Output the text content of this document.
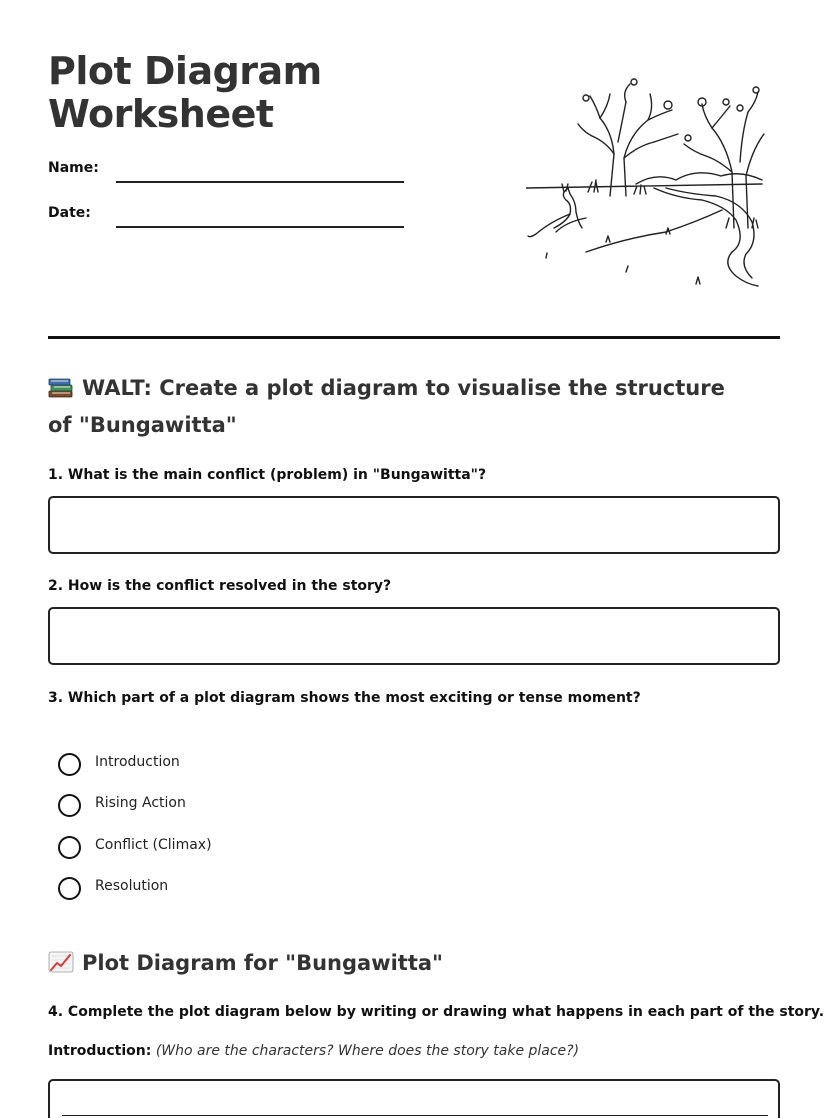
Plot Diagram
Worksheet
Name:
Date:
WALT: Create a plot diagram to visualise the structure of "Bungawitta"
1. What is the main conflict (problem) in "Bungawitta"?
2. How is the conflict resolved in the story?
3. Which part of a plot diagram shows the most exciting or tense moment?
Introduction
Rising Action
Conflict (Climax)
Resolution
Plot Diagram for "Bungawitta"
4. Complete the plot diagram below by writing or drawing what happens in each part of the story.
Introduction: (Who are the characters? Where does the story take place?)
